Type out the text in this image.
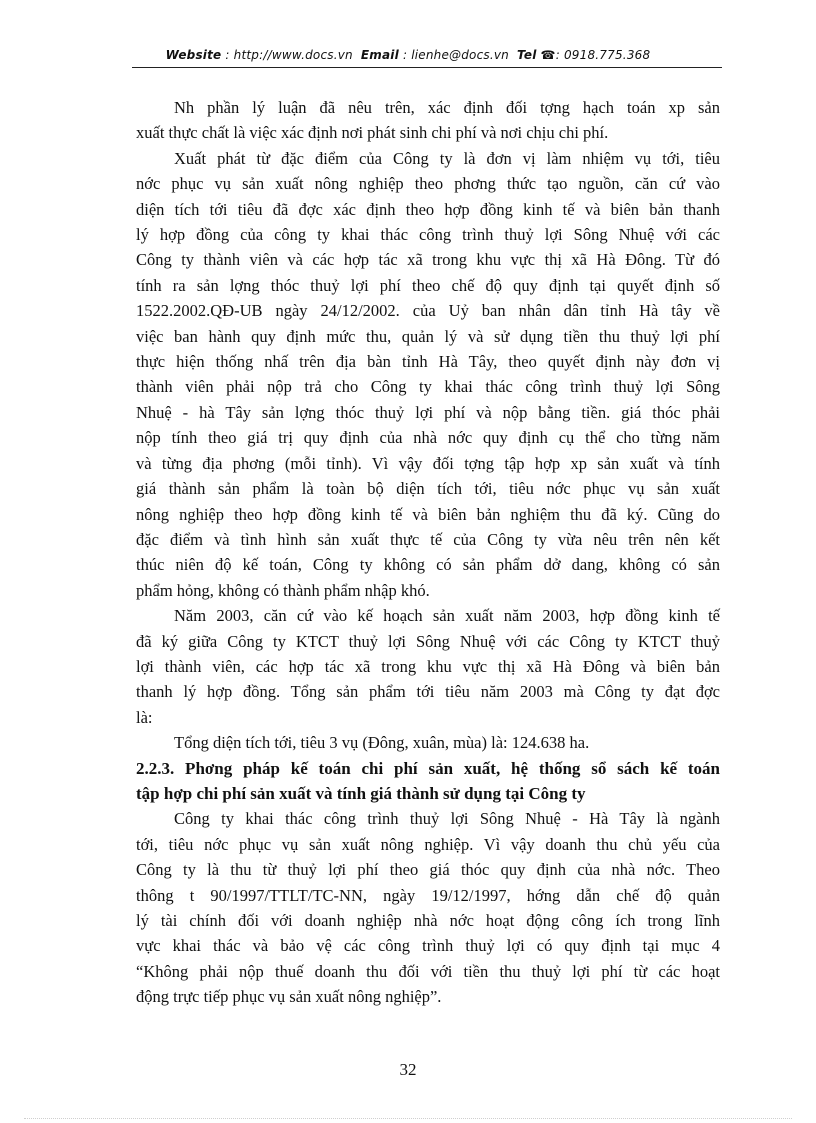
Website : http://www.docs.vn Email : lienhe@docs.vn Tel ☎: 0918.775.368
Nh phần lý luận đã nêu trên, xác định đối tợng hạch toán xp sản
xuất thực chất là việc xác định nơi phát sinh chi phí và nơi chịu chi phí.
Xuất phát từ đặc điểm của Công ty là đơn vị làm nhiệm vụ tới, tiêu
nớc phục vụ sản xuất nông nghiệp theo phơng thức tạo nguồn, căn cứ vào
diện tích tới tiêu đã đợc xác định theo hợp đồng kinh tế và biên bản thanh
lý hợp đồng của công ty khai thác công trình thuỷ lợi Sông Nhuệ với các
Công ty thành viên và các hợp tác xã trong khu vực thị xã Hà Đông. Từ đó
tính ra sản lợng thóc thuỷ lợi phí theo chế độ quy định tại quyết định số
1522.2002.QĐ-UB ngày 24/12/2002. của Uỷ ban nhân dân tỉnh Hà tây về
việc ban hành quy định mức thu, quản lý và sử dụng tiền thu thuỷ lợi phí
thực hiện thống nhấ trên địa bàn tỉnh Hà Tây, theo quyết định này đơn vị
thành viên phải nộp trả cho Công ty khai thác công trình thuỷ lợi Sông
Nhuệ - hà Tây sản lợng thóc thuỷ lợi phí và nộp bằng tiền. giá thóc phải
nộp tính theo giá trị quy định của nhà nớc quy định cụ thể cho từng năm
và từng địa phơng (mỗi tỉnh). Vì vậy đối tợng tập hợp xp sản xuất và tính
giá thành sản phẩm là toàn bộ diện tích tới, tiêu nớc phục vụ sản xuất
nông nghiệp theo hợp đồng kinh tế và biên bản nghiệm thu đã ký. Cũng do
đặc điểm và tình hình sản xuất thực tế của Công ty vừa nêu trên nên kết
thúc niên độ kế toán, Công ty không có sản phẩm dở dang, không có sản
phẩm hỏng, không có thành phẩm nhập khó.
Năm 2003, căn cứ vào kế hoạch sản xuất năm 2003, hợp đồng kinh tế
đã ký giữa Công ty KTCT thuỷ lợi Sông Nhuệ với các Công ty KTCT thuỷ
lợi thành viên, các hợp tác xã trong khu vực thị xã Hà Đông và biên bản
thanh lý hợp đồng. Tổng sản phẩm tới tiêu năm 2003 mà Công ty đạt đợc
là:
Tổng diện tích tới, tiêu 3 vụ (Đông, xuân, mùa) là: 124.638 ha.
2.2.3. Phơng pháp kế toán chi phí sản xuất, hệ thống sổ sách kế toán
tập hợp chi phí sản xuất và tính giá thành sử dụng tại Công ty
Công ty khai thác công trình thuỷ lợi Sông Nhuệ - Hà Tây là ngành
tới, tiêu nớc phục vụ sản xuất nông nghiệp. Vì vậy doanh thu chủ yếu của
Công ty là thu từ thuỷ lợi phí theo giá thóc quy định của nhà nớc. Theo
thông t 90/1997/TTLT/TC-NN, ngày 19/12/1997, hớng dẫn chế độ quản
lý tài chính đối với doanh nghiệp nhà nớc hoạt động công ích trong lĩnh
vực khai thác và bảo vệ các công trình thuỷ lợi có quy định tại mục 4
“Không phải nộp thuế doanh thu đối với tiền thu thuỷ lợi phí từ các hoạt
động trực tiếp phục vụ sản xuất nông nghiệp”.
32
